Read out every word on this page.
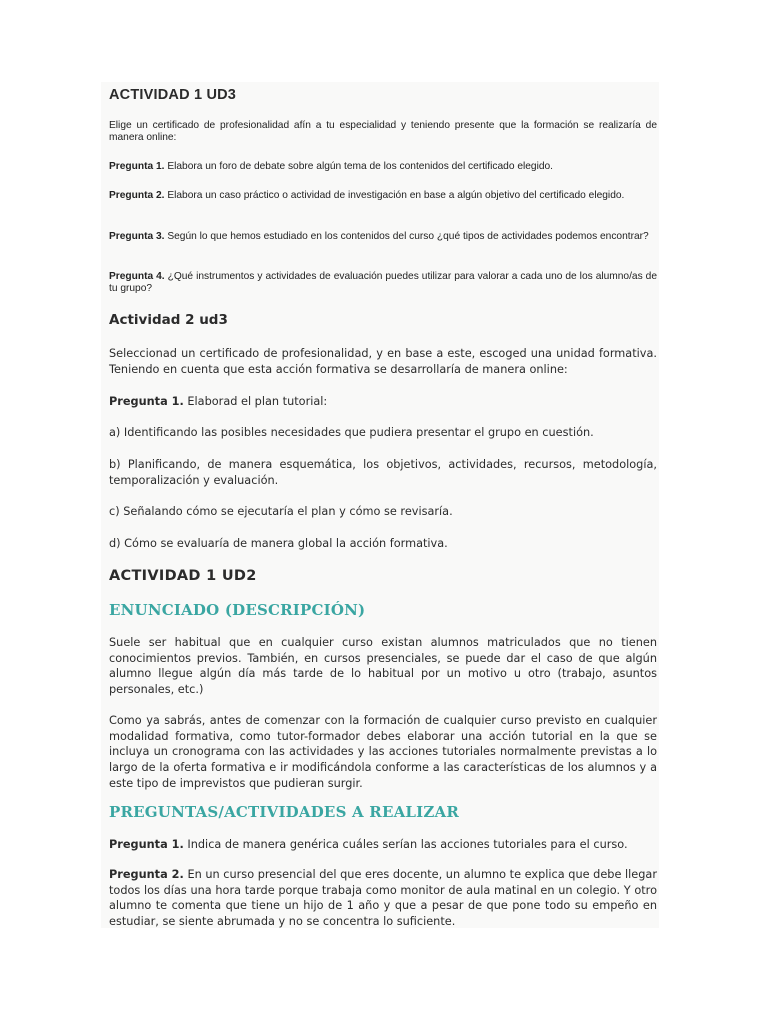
ACTIVIDAD 1 UD3

Elige un certificado de profesionalidad afín a tu especialidad y teniendo presente que la formación se realizaría de manera online:

Pregunta 1. Elabora un foro de debate sobre algún tema de los contenidos del certificado elegido.

Pregunta 2. Elabora un caso práctico o actividad de investigación en base a algún objetivo del certificado elegido.

Pregunta 3. Según lo que hemos estudiado en los contenidos del curso ¿qué tipos de actividades podemos encontrar?

Pregunta 4. ¿Qué instrumentos y actividades de evaluación puedes utilizar para valorar a cada uno de los alumno/as de tu grupo?

Actividad 2 ud3

Seleccionad un certificado de profesionalidad, y en base a este, escoged una unidad formativa. Teniendo en cuenta que esta acción formativa se desarrollaría de manera online:

Pregunta 1. Elaborad el plan tutorial:

a) Identificando las posibles necesidades que pudiera presentar el grupo en cuestión.

b) Planificando, de manera esquemática, los objetivos, actividades, recursos, metodología, temporalización y evaluación.

c) Señalando cómo se ejecutaría el plan y cómo se revisaría.

d) Cómo se evaluaría de manera global la acción formativa.

ACTIVIDAD 1 UD2
ENUNCIADO (DESCRIPCIÓN)

Suele ser habitual que en cualquier curso existan alumnos matriculados que no tienen conocimientos previos. También, en cursos presenciales, se puede dar el caso de que algún alumno llegue algún día más tarde de lo habitual por un motivo u otro (trabajo, asuntos personales, etc.)

Como ya sabrás, antes de comenzar con la formación de cualquier curso previsto en cualquier modalidad formativa, como tutor-formador debes elaborar una acción tutorial en la que se incluya un cronograma con las actividades y las acciones tutoriales normalmente previstas a lo largo de la oferta formativa e ir modificándola conforme a las características de los alumnos y a este tipo de imprevistos que pudieran surgir.

PREGUNTAS/ACTIVIDADES A REALIZAR

Pregunta 1. Indica de manera genérica cuáles serían las acciones tutoriales para el curso.

Pregunta 2. En un curso presencial del que eres docente, un alumno te explica que debe llegar todos los días una hora tarde porque trabaja como monitor de aula matinal en un colegio. Y otro alumno te comenta que tiene un hijo de 1 año y que a pesar de que pone todo su empeño en estudiar, se siente abrumada y no se concentra lo suficiente.
